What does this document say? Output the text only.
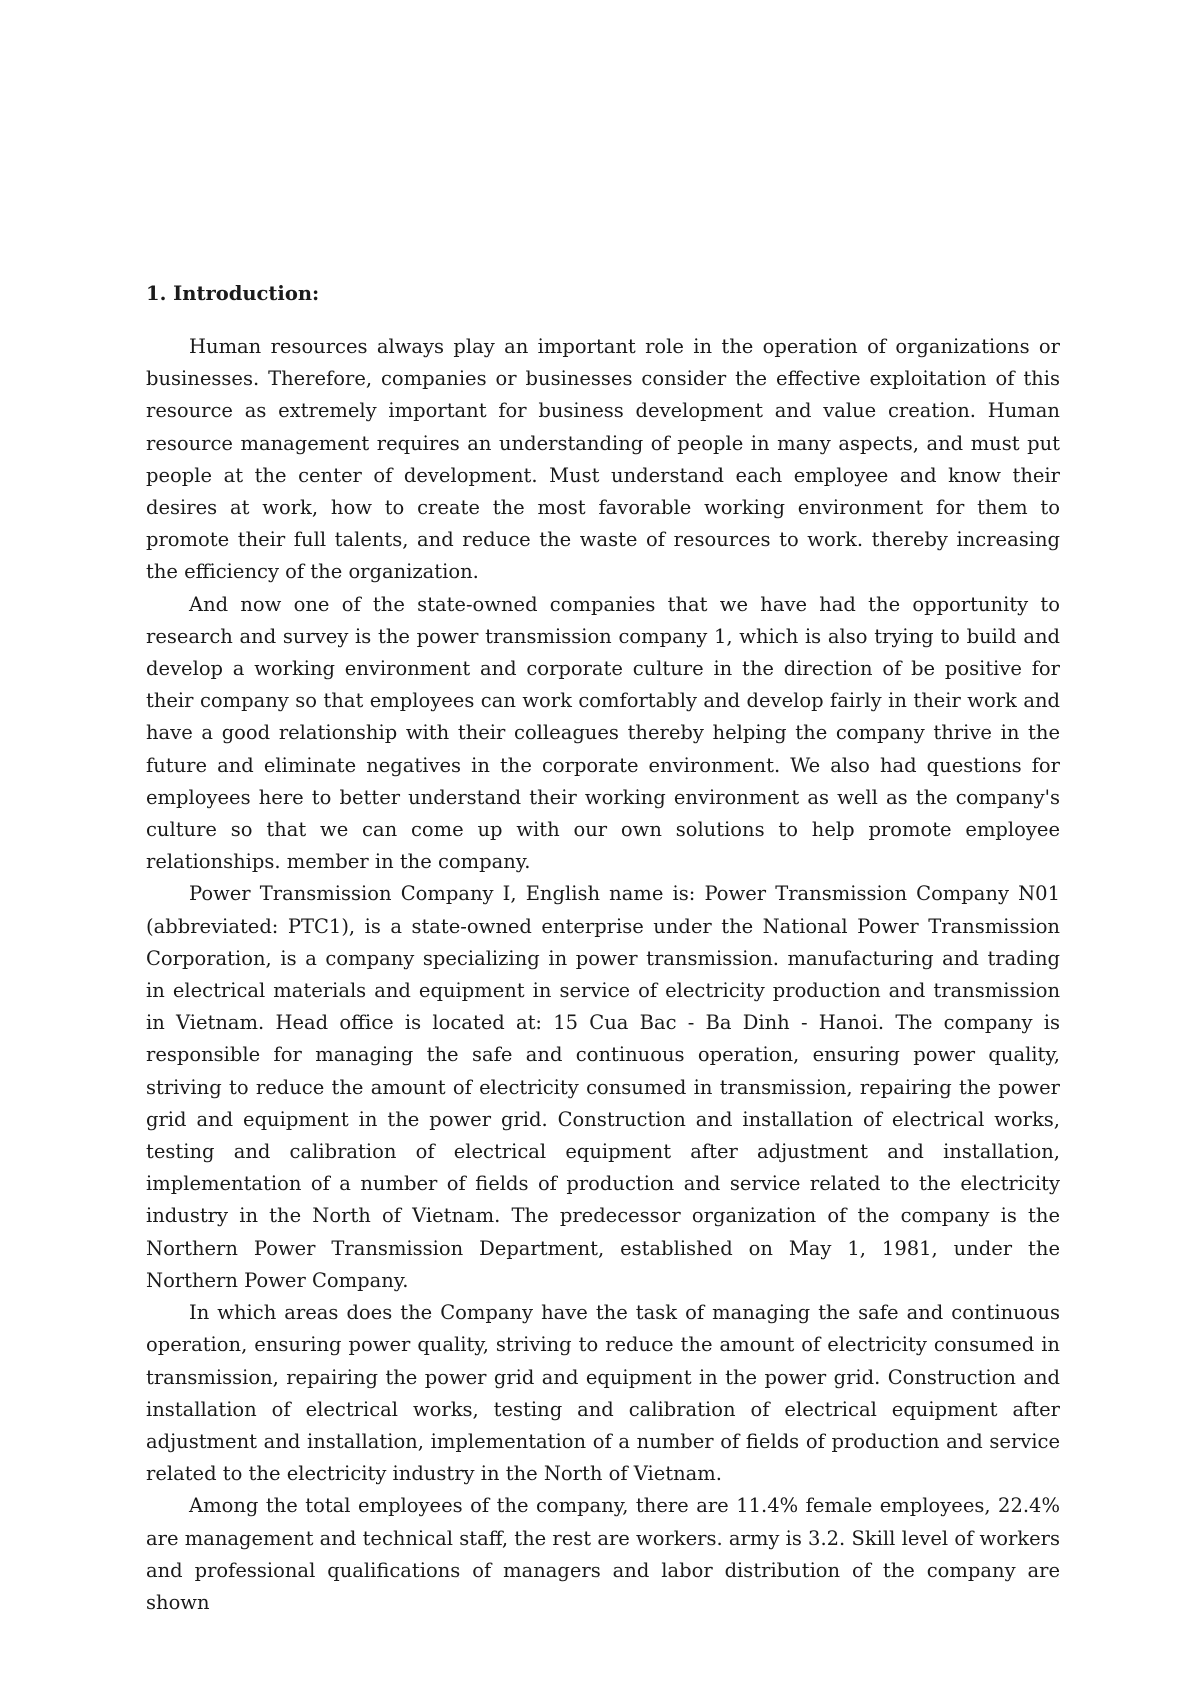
1. Introduction:

Human resources always play an important role in the operation of organizations or businesses. Therefore, companies or businesses consider the effective exploitation of this resource as extremely important for business development and value creation. Human resource management requires an understanding of people in many aspects, and must put people at the center of development. Must understand each employee and know their desires at work, how to create the most favorable working environment for them to promote their full talents, and reduce the waste of resources to work. thereby increasing the efficiency of the organization.

And now one of the state-owned companies that we have had the opportunity to research and survey is the power transmission company 1, which is also trying to build and develop a working environment and corporate culture in the direction of be positive for their company so that employees can work comfortably and develop fairly in their work and have a good relationship with their colleagues thereby helping the company thrive in the future and eliminate negatives in the corporate environment. We also had questions for employees here to better understand their working environment as well as the company's culture so that we can come up with our own solutions to help promote employee relationships. member in the company.

Power Transmission Company I, English name is: Power Transmission Company N01 (abbreviated: PTC1), is a state-owned enterprise under the National Power Transmission Corporation, is a company specializing in power transmission. manufacturing and trading in electrical materials and equipment in service of electricity production and transmission in Vietnam. Head office is located at: 15 Cua Bac - Ba Dinh - Hanoi. The company is responsible for managing the safe and continuous operation, ensuring power quality, striving to reduce the amount of electricity consumed in transmission, repairing the power grid and equipment in the power grid. Construction and installation of electrical works, testing and calibration of electrical equipment after adjustment and installation, implementation of a number of fields of production and service related to the electricity industry in the North of Vietnam. The predecessor organization of the company is the Northern Power Transmission Department, established on May 1, 1981, under the Northern Power Company.

In which areas does the Company have the task of managing the safe and continuous operation, ensuring power quality, striving to reduce the amount of electricity consumed in transmission, repairing the power grid and equipment in the power grid. Construction and installation of electrical works, testing and calibration of electrical equipment after adjustment and installation, implementation of a number of fields of production and service related to the electricity industry in the North of Vietnam.

Among the total employees of the company, there are 11.4% female employees, 22.4% are management and technical staff, the rest are workers. army is 3.2. Skill level of workers and professional qualifications of managers and labor distribution of the company are shown
